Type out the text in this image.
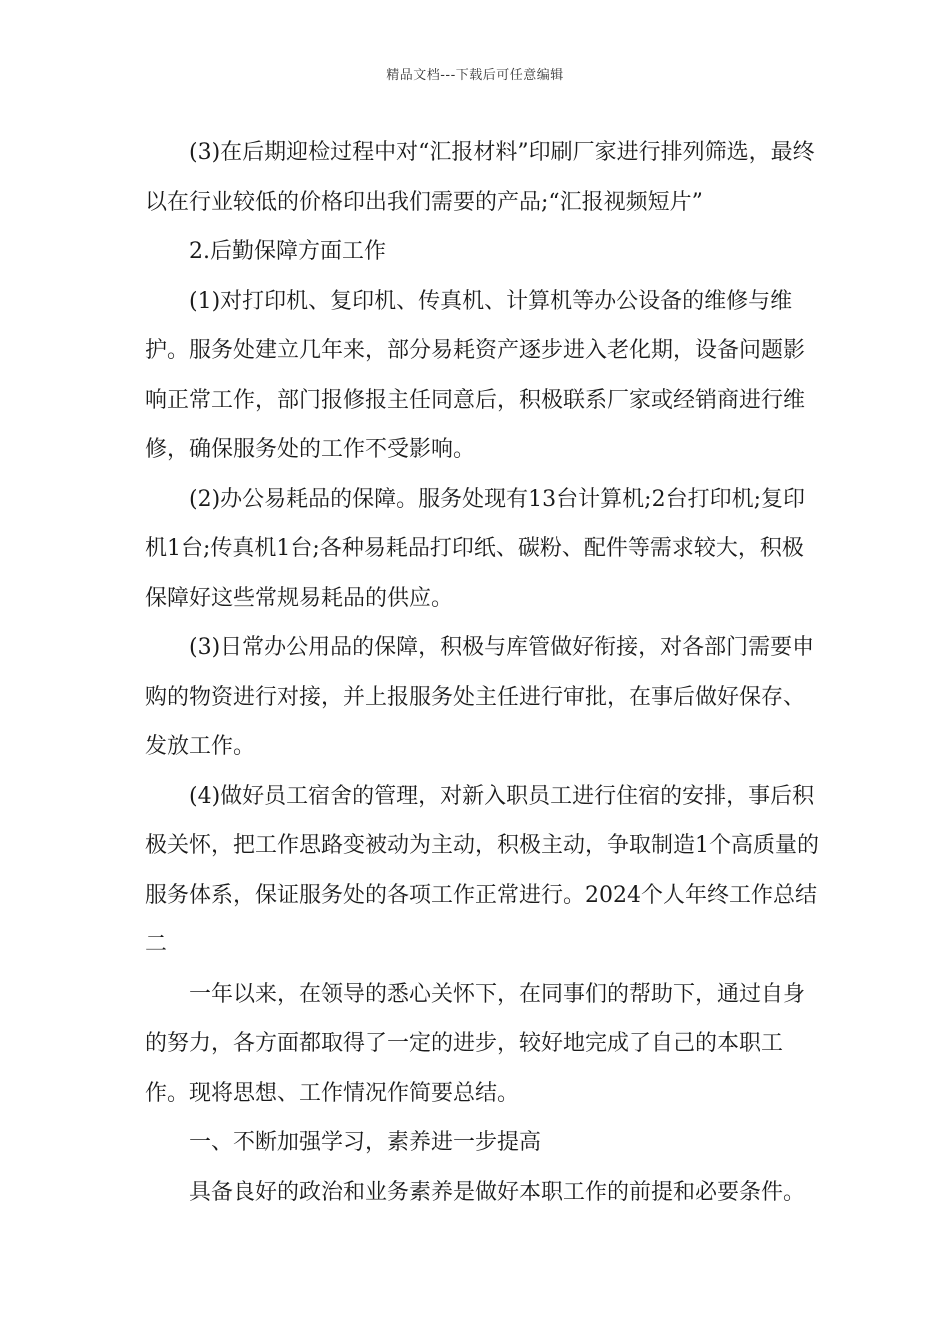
精品文档---下载后可任意编辑

(3)在后期迎检过程中对“汇报材料”印刷厂家进行排列筛选，最终以在行业较低的价格印出我们需要的产品;“汇报视频短片”

2.后勤保障方面工作

(1)对打印机、复印机、传真机、计算机等办公设备的维修与维护。服务处建立几年来，部分易耗资产逐步进入老化期，设备问题影响正常工作，部门报修报主任同意后，积极联系厂家或经销商进行维修，确保服务处的工作不受影响。

(2)办公易耗品的保障。服务处现有13台计算机;2台打印机;复印机1台;传真机1台;各种易耗品打印纸、碳粉、配件等需求较大，积极保障好这些常规易耗品的供应。

(3)日常办公用品的保障，积极与库管做好衔接，对各部门需要申购的物资进行对接，并上报服务处主任进行审批，在事后做好保存、发放工作。

(4)做好员工宿舍的管理，对新入职员工进行住宿的安排，事后积极关怀，把工作思路变被动为主动，积极主动，争取制造1个高质量的服务体系，保证服务处的各项工作正常进行。2024个人年终工作总结二

一年以来，在领导的悉心关怀下，在同事们的帮助下，通过自身的努力，各方面都取得了一定的进步，较好地完成了自己的本职工作。现将思想、工作情况作简要总结。

一、不断加强学习，素养进一步提高

具备良好的政治和业务素养是做好本职工作的前提和必要条件。
